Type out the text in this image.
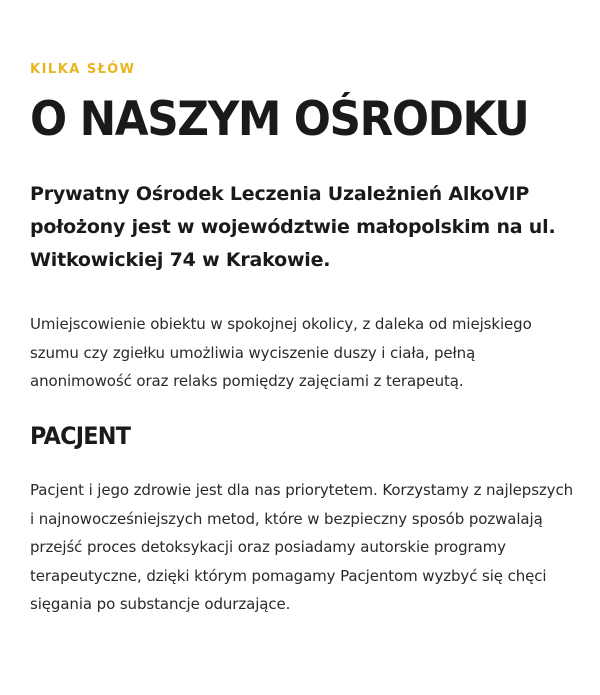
KILKA SŁÓW
O NASZYM OŚRODKU

Prywatny Ośrodek Leczenia Uzależnień AlkoVIP położony jest w województwie małopolskim na ul. Witkowickiej 74 w Krakowie.

Umiejscowienie obiektu w spokojnej okolicy, z daleka od miejskiego szumu czy zgiełku umożliwia wyciszenie duszy i ciała, pełną anonimowość oraz relaks pomiędzy zajęciami z terapeutą.

PACJENT

Pacjent i jego zdrowie jest dla nas priorytetem. Korzystamy z najlepszych i najnowocześniejszych metod, które w bezpieczny sposób pozwalają przejść proces detoksykacji oraz posiadamy autorskie programy terapeutyczne, dzięki którym pomagamy Pacjentom wyzbyć się chęci sięgania po substancje odurzające.
